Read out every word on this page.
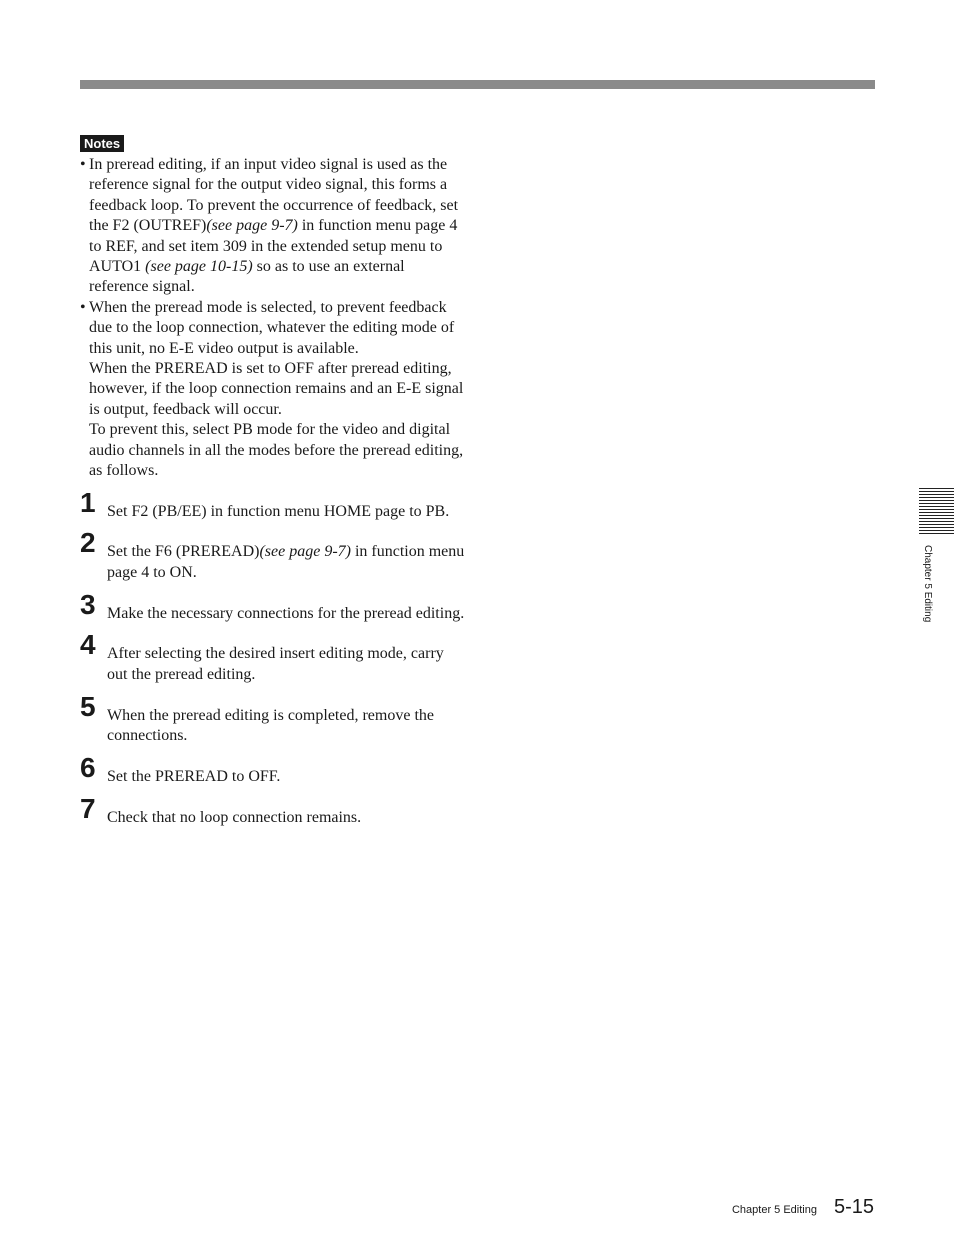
Notes
• In preread editing, if an input video signal is used as the reference signal for the output video signal, this forms a feedback loop. To prevent the occurrence of feedback, set the F2 (OUTREF)(see page 9-7) in function menu page 4 to REF, and set item 309 in the extended setup menu to AUTO1 (see page 10-15) so as to use an external reference signal.

• When the preread mode is selected, to prevent feedback due to the loop connection, whatever the editing mode of this unit, no E-E video output is available.

When the PREREAD is set to OFF after preread editing, however, if the loop connection remains and an E-E signal is output, feedback will occur.

To prevent this, select PB mode for the video and digital audio channels in all the modes before the preread editing, as follows.

1 Set F2 (PB/EE) in function menu HOME page to PB.
2 Set the F6 (PREREAD)(see page 9-7) in function menu page 4 to ON.
3 Make the necessary connections for the preread editing.
4 After selecting the desired insert editing mode, carry out the preread editing.
5 When the preread editing is completed, remove the connections.
6 Set the PREREAD to OFF.
7 Check that no loop connection remains.
Chapter 5 Editing
Chapter 5 Editing 5-15
